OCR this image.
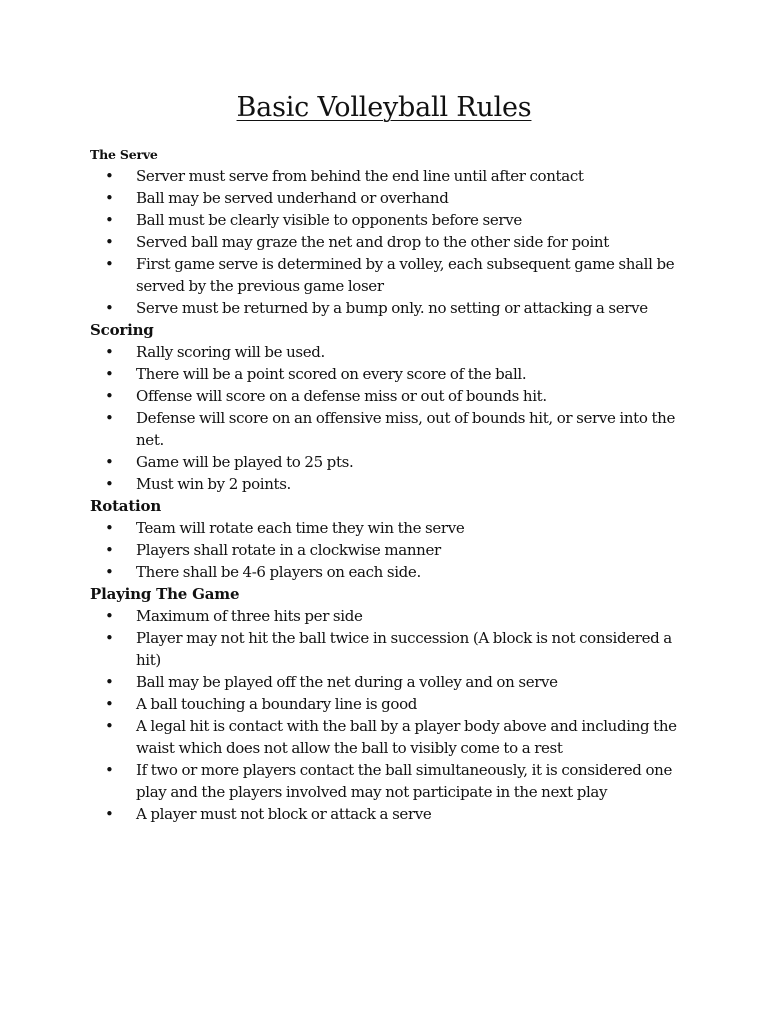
Basic Volleyball Rules
The Serve
• Server must serve from behind the end line until after contact
• Ball may be served underhand or overhand
• Ball must be clearly visible to opponents before serve
• Served ball may graze the net and drop to the other side for point
• First game serve is determined by a volley, each subsequent game shall be served by the previous game loser
• Serve must be returned by a bump only. no setting or attacking a serve
Scoring
• Rally scoring will be used.
• There will be a point scored on every score of the ball.
• Offense will score on a defense miss or out of bounds hit.
• Defense will score on an offensive miss, out of bounds hit, or serve into the net.
• Game will be played to 25 pts.
• Must win by 2 points.
Rotation
• Team will rotate each time they win the serve
• Players shall rotate in a clockwise manner
• There shall be 4-6 players on each side.
Playing The Game
• Maximum of three hits per side
• Player may not hit the ball twice in succession (A block is not considered a hit)
• Ball may be played off the net during a volley and on serve
• A ball touching a boundary line is good
• A legal hit is contact with the ball by a player body above and including the waist which does not allow the ball to visibly come to a rest
• If two or more players contact the ball simultaneously, it is considered one play and the players involved may not participate in the next play
• A player must not block or attack a serve
